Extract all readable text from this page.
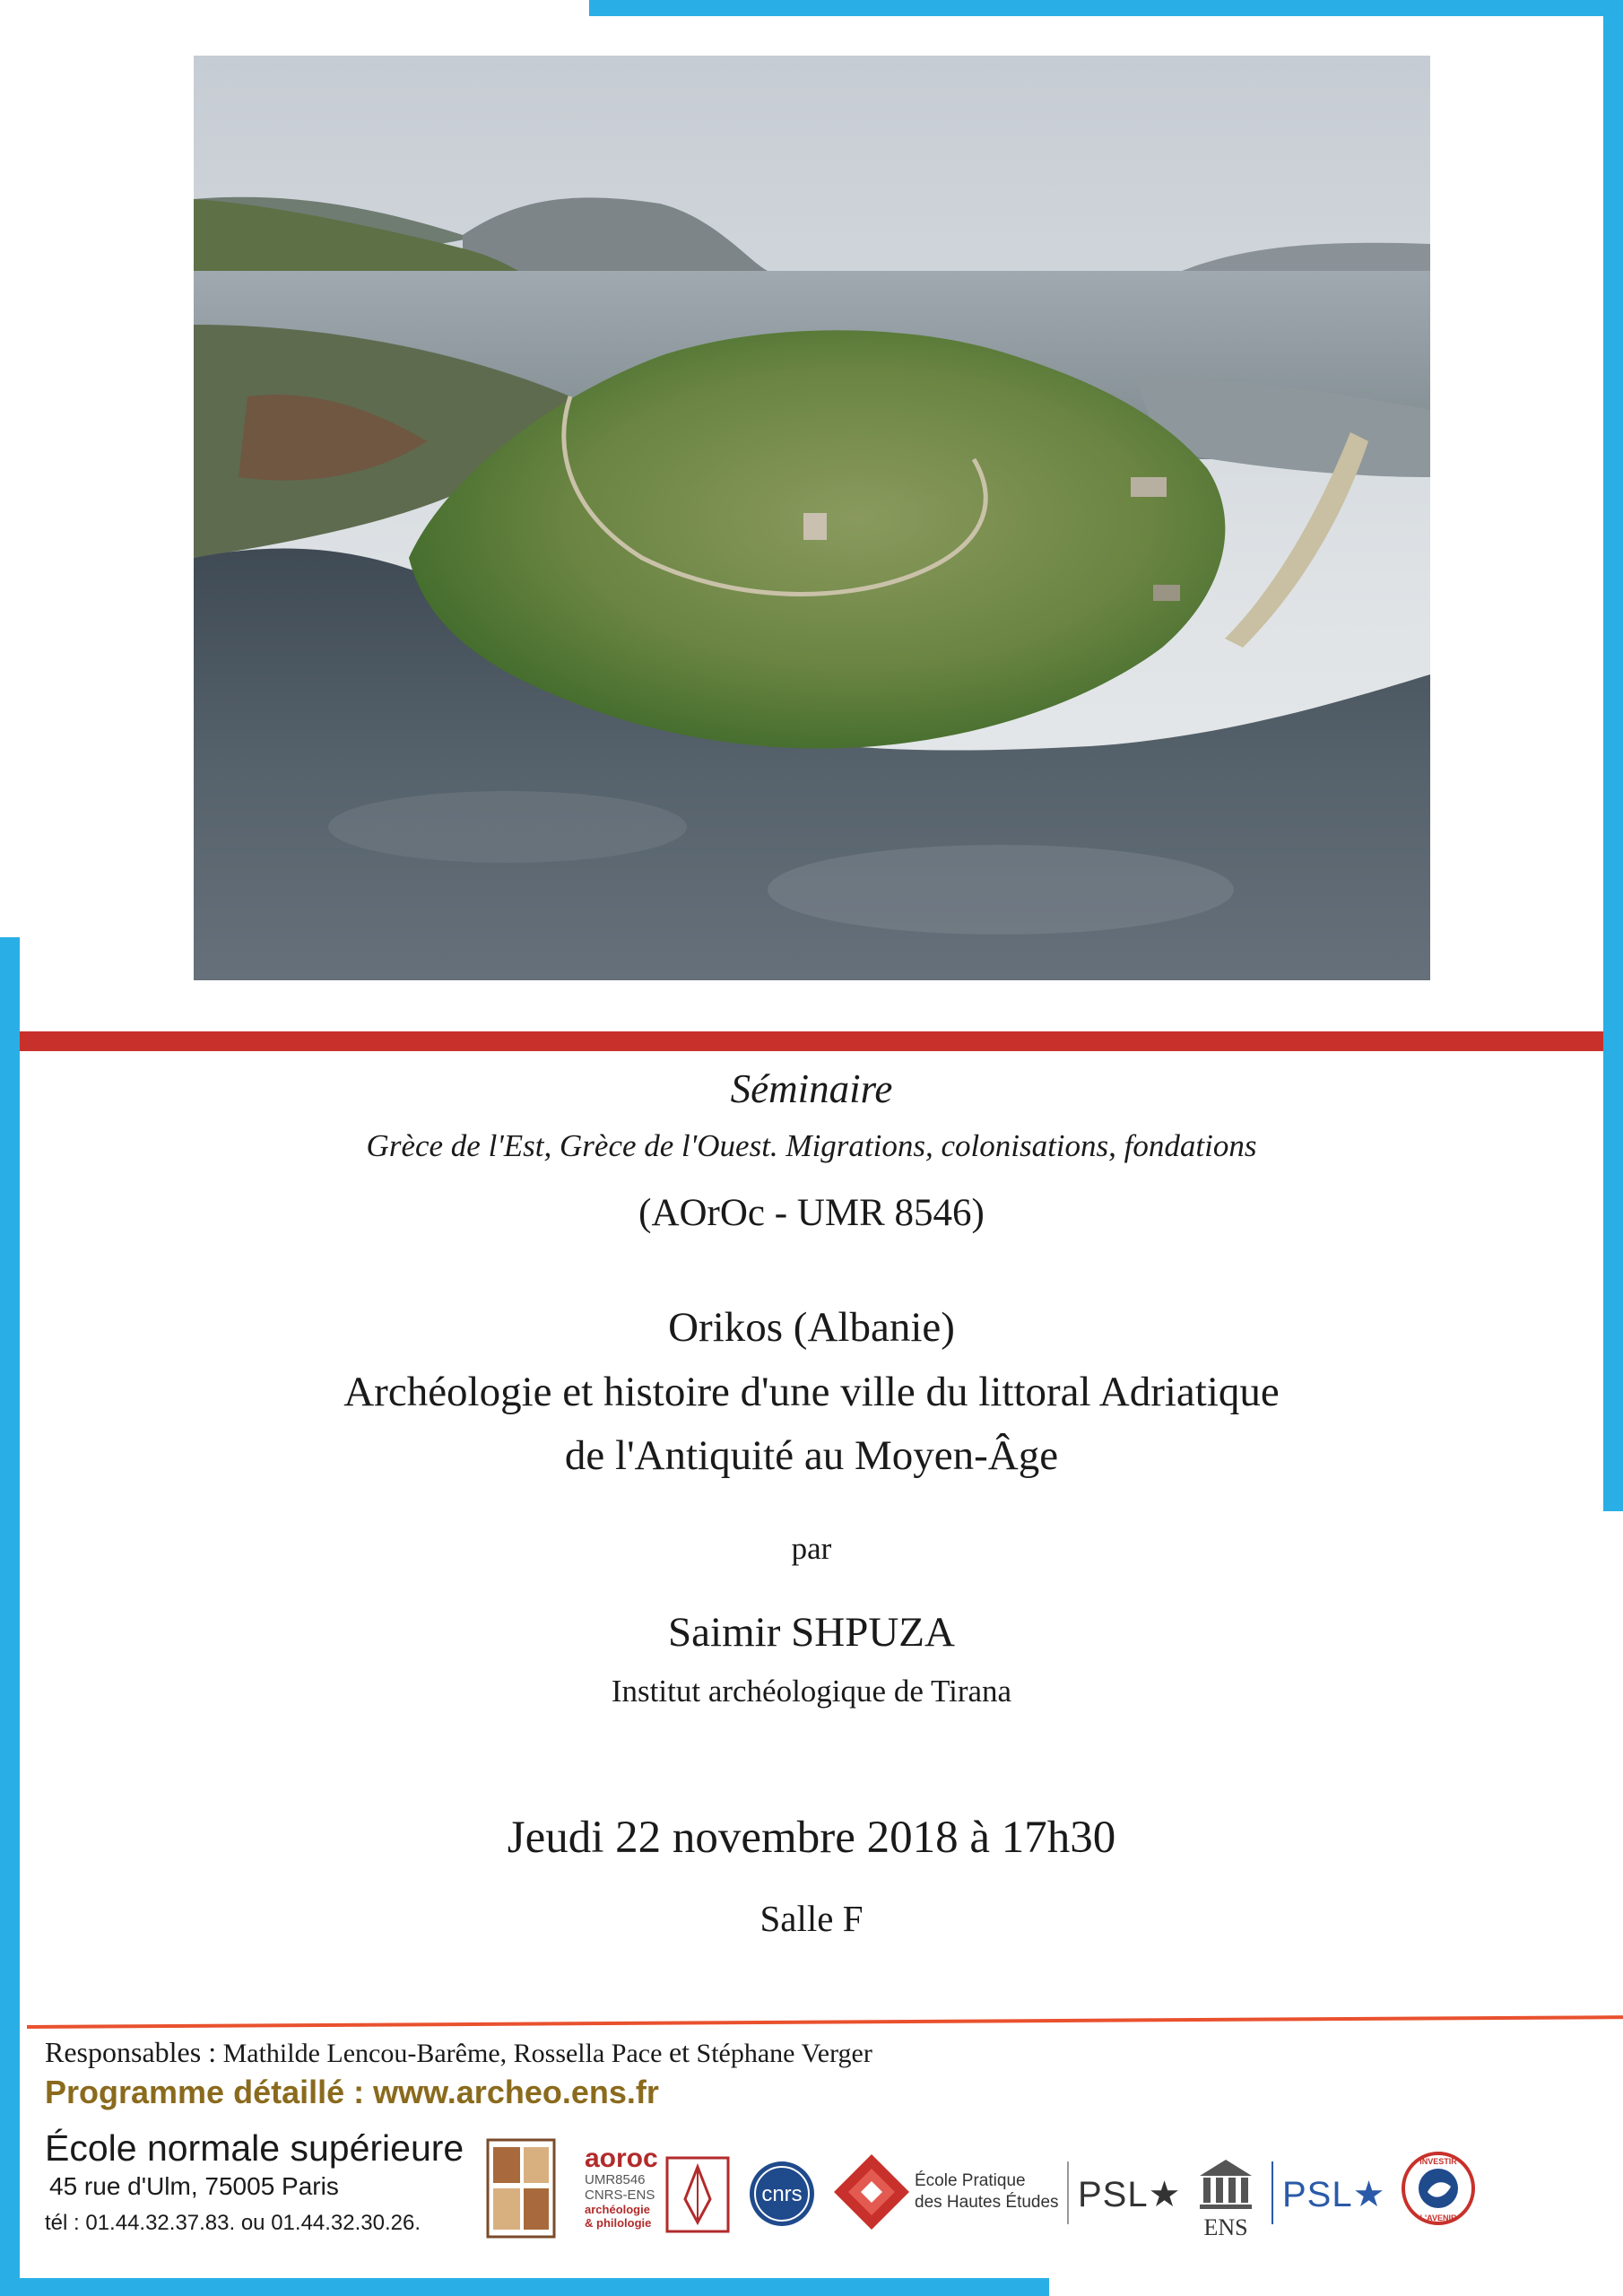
Séminaire
Grèce de l'Est, Grèce de l'Ouest. Migrations, colonisations, fondations
(AOrOc - UMR 8546)
Orikos (Albanie)
Archéologie et histoire d'une ville du littoral Adriatique
de l'Antiquité au Moyen-Âge
par
Saimir SHPUZA
Institut archéologique de Tirana
Jeudi 22 novembre 2018 à 17h30
Salle F
Responsables : Mathilde Lencou-Barême, Rossella Pace et Stéphane Verger
Programme détaillé : www.archeo.ens.fr
École normale supérieure
45 rue d'Ulm, 75005 Paris
tél : 01.44.32.37.83. ou 01.44.32.30.26.
aoroc
UMR8546
CNRS-ENS
archéologie
& philologie
cnrs
École Pratique
des Hautes Études PSL★
ENS
PSL★
INVESTIR
L'AVENIR
